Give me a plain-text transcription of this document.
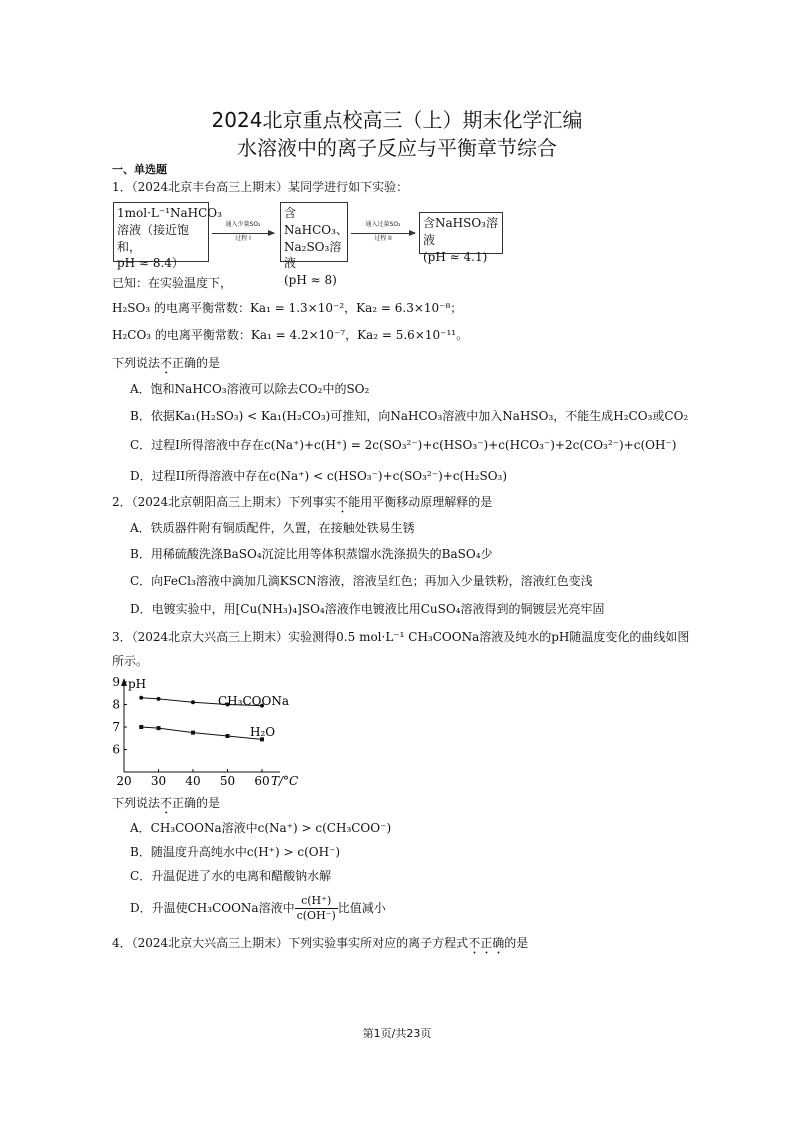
2024北京重点校高三（上）期末化学汇编
水溶液中的离子反应与平衡章节综合
一、单选题
1．（2024北京丰台高三上期末）某同学进行如下实验：
1mol·L⁻¹NaHCO₃
溶液（接近饱和，
pH ≈ 8.4）
通入少量SO₂
过程 I
含NaHCO₃、
Na₂SO₃溶液
(pH ≈ 8)
通入过量SO₂
过程 II
含NaHSO₃溶液
(pH ≈ 4.1)
已知：在实验温度下，
H₂SO₃ 的电离平衡常数：Ka₁ = 1.3×10⁻²，Ka₂ = 6.3×10⁻⁸；
H₂CO₃ 的电离平衡常数：Ka₁ = 4.2×10⁻⁷，Ka₂ = 5.6×10⁻¹¹。
下列说法不正确的是
A．饱和NaHCO₃溶液可以除去CO₂中的SO₂
B．依据Ka₁(H₂SO₃) < Ka₁(H₂CO₃)可推知，向NaHCO₃溶液中加入NaHSO₃，不能生成H₂CO₃或CO₂
C．过程I所得溶液中存在c(Na⁺)+c(H⁺) = 2c(SO₃²⁻)+c(HSO₃⁻)+c(HCO₃⁻)+2c(CO₃²⁻)+c(OH⁻)
D．过程II所得溶液中存在c(Na⁺) < c(HSO₃⁻)+c(SO₃²⁻)+c(H₂SO₃)
2．（2024北京朝阳高三上期末）下列事实不能用平衡移动原理解释的是
A．铁质器件附有铜质配件，久置，在接触处铁易生锈
B．用稀硫酸洗涤BaSO₄沉淀比用等体积蒸馏水洗涤损失的BaSO₄少
C．向FeCl₃溶液中滴加几滴KSCN溶液，溶液呈红色；再加入少量铁粉，溶液红色变浅
D．电镀实验中，用[Cu(NH₃)₄]SO₄溶液作电镀液比用CuSO₄溶液得到的铜镀层光亮牢固
3．（2024北京大兴高三上期末）实验测得0.5 mol·L⁻¹ CH₃COONa溶液及纯水的pH随温度变化的曲线如图
所示。
pH
T/°C
20 30 40 50 60
6
7
8
9
CH₃COONa
H₂O
下列说法不正确的是
A．CH₃COONa溶液中c(Na⁺) > c(CH₃COO⁻)
B．随温度升高纯水中c(H⁺) > c(OH⁻)
C．升温促进了水的电离和醋酸钠水解
D．升温使CH₃COONa溶液中 $\frac{c(H^+)}{c(OH^-)}$ 比值减小
4．（2024北京大兴高三上期末）下列实验事实所对应的离子方程式不正确的是
第1页/共23页
